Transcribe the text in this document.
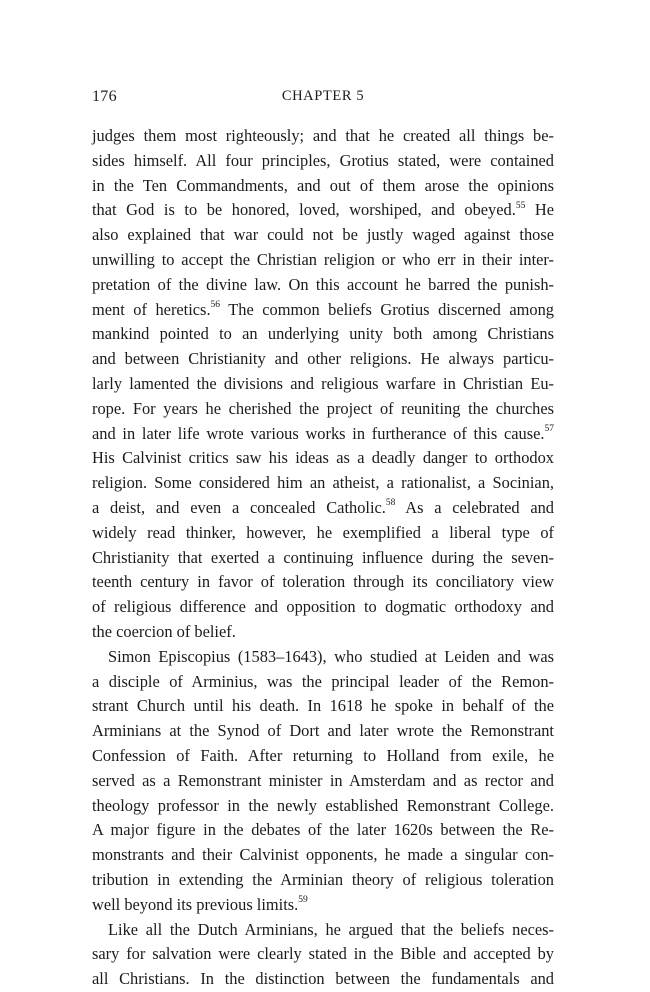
176	CHAPTER 5
judges them most righteously; and that he created all things be-
sides himself. All four principles, Grotius stated, were contained
in the Ten Commandments, and out of them arose the opinions
that God is to be honored, loved, worshiped, and obeyed.$^{55}$ He
also explained that war could not be justly waged against those
unwilling to accept the Christian religion or who err in their inter-
pretation of the divine law. On this account he barred the punish-
ment of heretics.$^{56}$ The common beliefs Grotius discerned among
mankind pointed to an underlying unity both among Christians
and between Christianity and other religions. He always particu-
larly lamented the divisions and religious warfare in Christian Eu-
rope. For years he cherished the project of reuniting the churches
and in later life wrote various works in furtherance of this cause.$^{57}$
His Calvinist critics saw his ideas as a deadly danger to orthodox
religion. Some considered him an atheist, a rationalist, a Socinian,
a deist, and even a concealed Catholic.$^{58}$ As a celebrated and
widely read thinker, however, he exemplified a liberal type of
Christianity that exerted a continuing influence during the seven-
teenth century in favor of toleration through its conciliatory view
of religious difference and opposition to dogmatic orthodoxy and
the coercion of belief.
Simon Episcopius (1583–1643), who studied at Leiden and was
a disciple of Arminius, was the principal leader of the Remon-
strant Church until his death. In 1618 he spoke in behalf of the
Arminians at the Synod of Dort and later wrote the Remonstrant
Confession of Faith. After returning to Holland from exile, he
served as a Remonstrant minister in Amsterdam and as rector and
theology professor in the newly established Remonstrant College.
A major figure in the debates of the later 1620s between the Re-
monstrants and their Calvinist opponents, he made a singular con-
tribution in extending the Arminian theory of religious toleration
well beyond its previous limits.$^{59}$
Like all the Dutch Arminians, he argued that the beliefs neces-
sary for salvation were clearly stated in the Bible and accepted by
all Christians. In the distinction between the fundamentals and
